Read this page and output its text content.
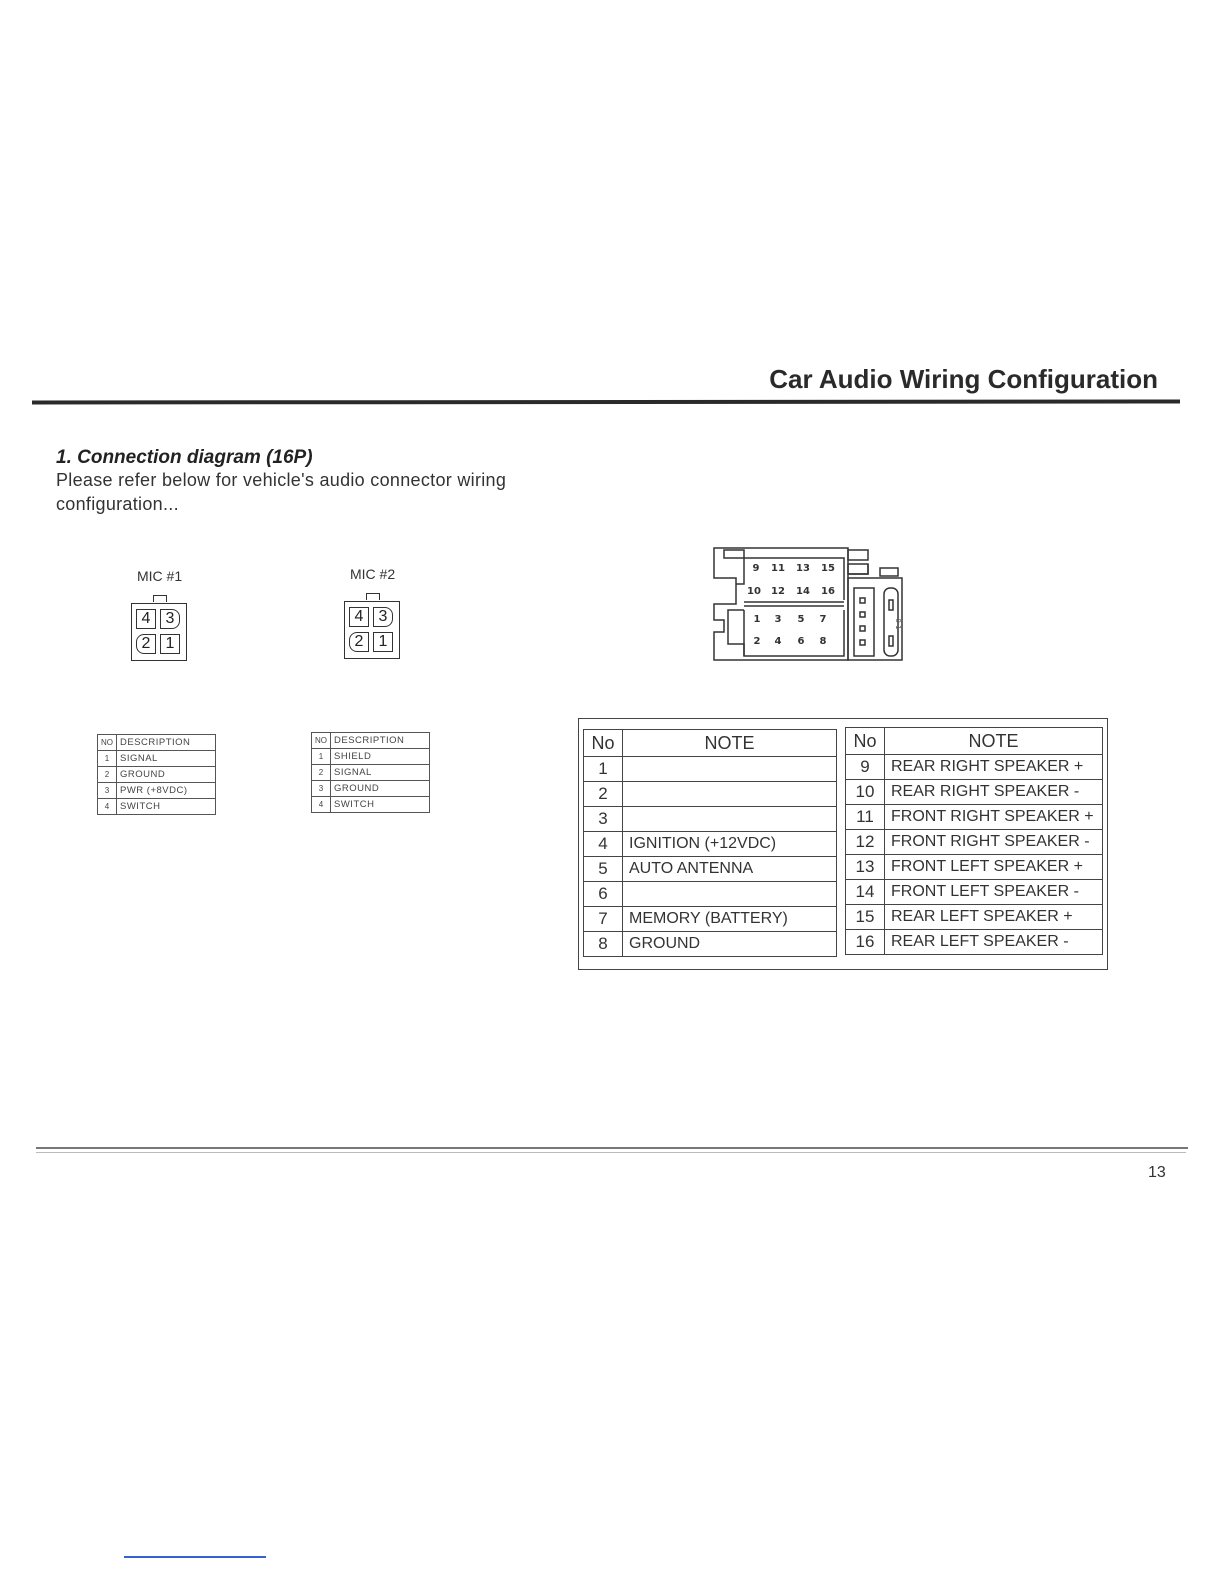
Car Audio Wiring Configuration
1. Connection diagram (16P)
Please refer below for vehicle's audio connector wiring
configuration...
MIC #1
4 3
2 1
MIC #2
4 3
2 1
NO	DESCRIPTION
1	SIGNAL
2	GROUND
3	PWR (+8VDC)
4	SWITCH
NO	DESCRIPTION
1	SHIELD
2	SIGNAL
3	GROUND
4	SWITCH
9 11 13 15
10 12 14 16
1 3 5 7
2 4 6 8
0 1
No	NOTE
1	
2	
3	
4	IGNITION (+12VDC)
5	AUTO ANTENNA
6	
7	MEMORY (BATTERY)
8	GROUND
No	NOTE
9	REAR RIGHT SPEAKER +
10	REAR RIGHT SPEAKER -
11	FRONT RIGHT SPEAKER +
12	FRONT RIGHT SPEAKER -
13	FRONT LEFT SPEAKER +
14	FRONT LEFT SPEAKER -
15	REAR LEFT SPEAKER +
16	REAR LEFT SPEAKER -
13
